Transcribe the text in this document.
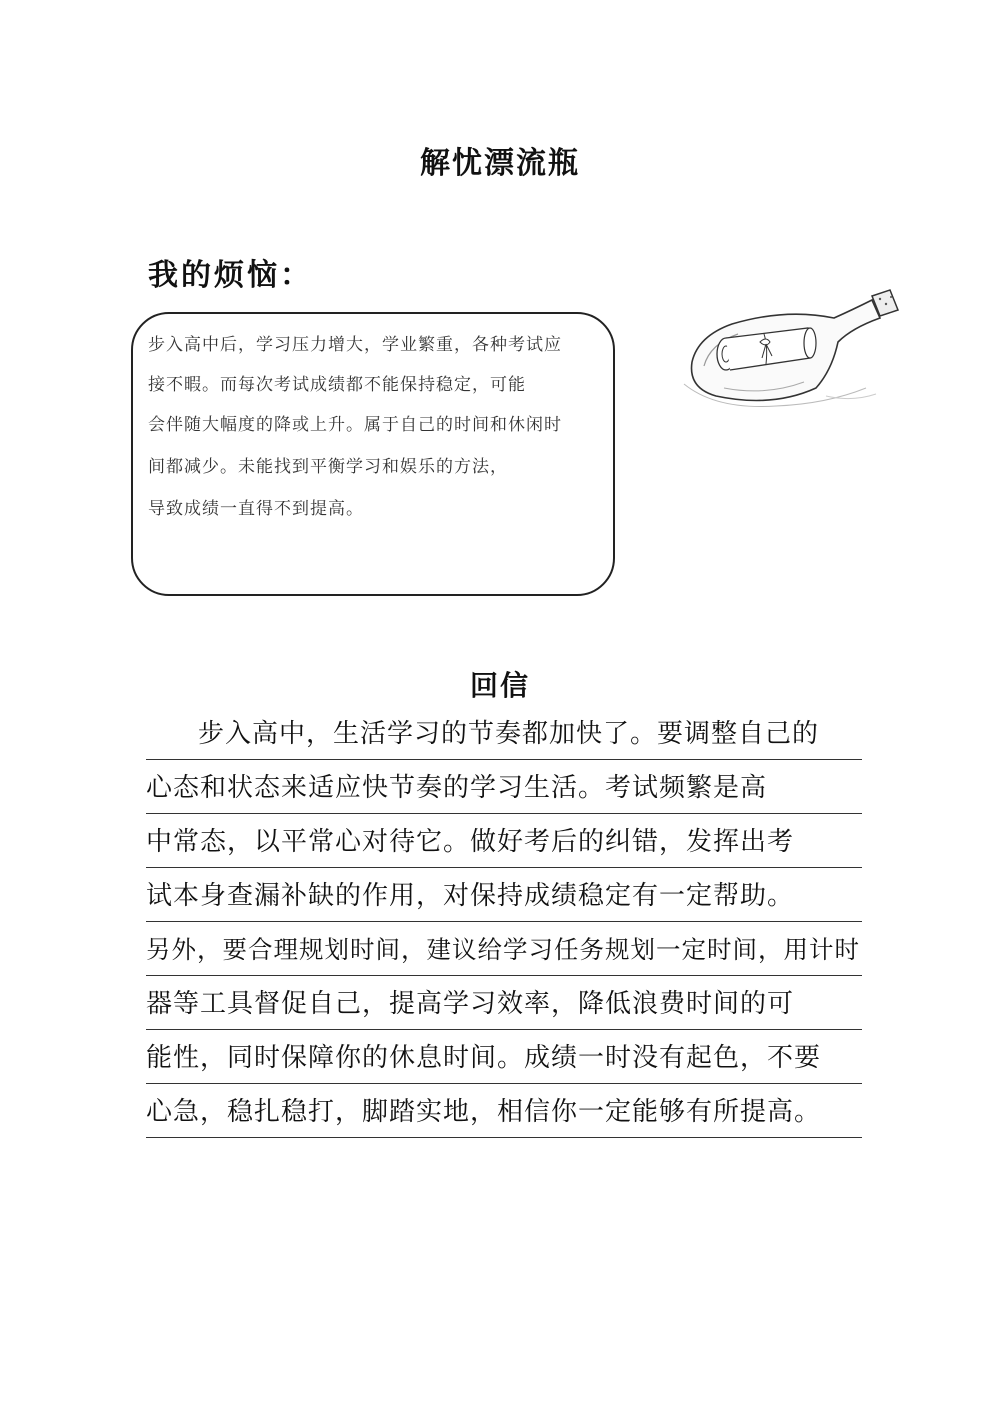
解忧漂流瓶
我的烦恼：
步入高中后，学习压力增大，学业繁重，各种考试应
接不暇。而每次考试成绩都不能保持稳定，可能
会伴随大幅度的降或上升。属于自己的时间和休闲时
间都减少。未能找到平衡学习和娱乐的方法，
导致成绩一直得不到提高。
回信
步入高中，生活学习的节奏都加快了。要调整自己的
心态和状态来适应快节奏的学习生活。考试频繁是高
中常态，以平常心对待它。做好考后的纠错，发挥出考
试本身查漏补缺的作用，对保持成绩稳定有一定帮助。
另外，要合理规划时间，建议给学习任务规划一定时间，用计时
器等工具督促自己，提高学习效率，降低浪费时间的可
能性，同时保障你的休息时间。成绩一时没有起色，不要
心急，稳扎稳打，脚踏实地，相信你一定能够有所提高。
